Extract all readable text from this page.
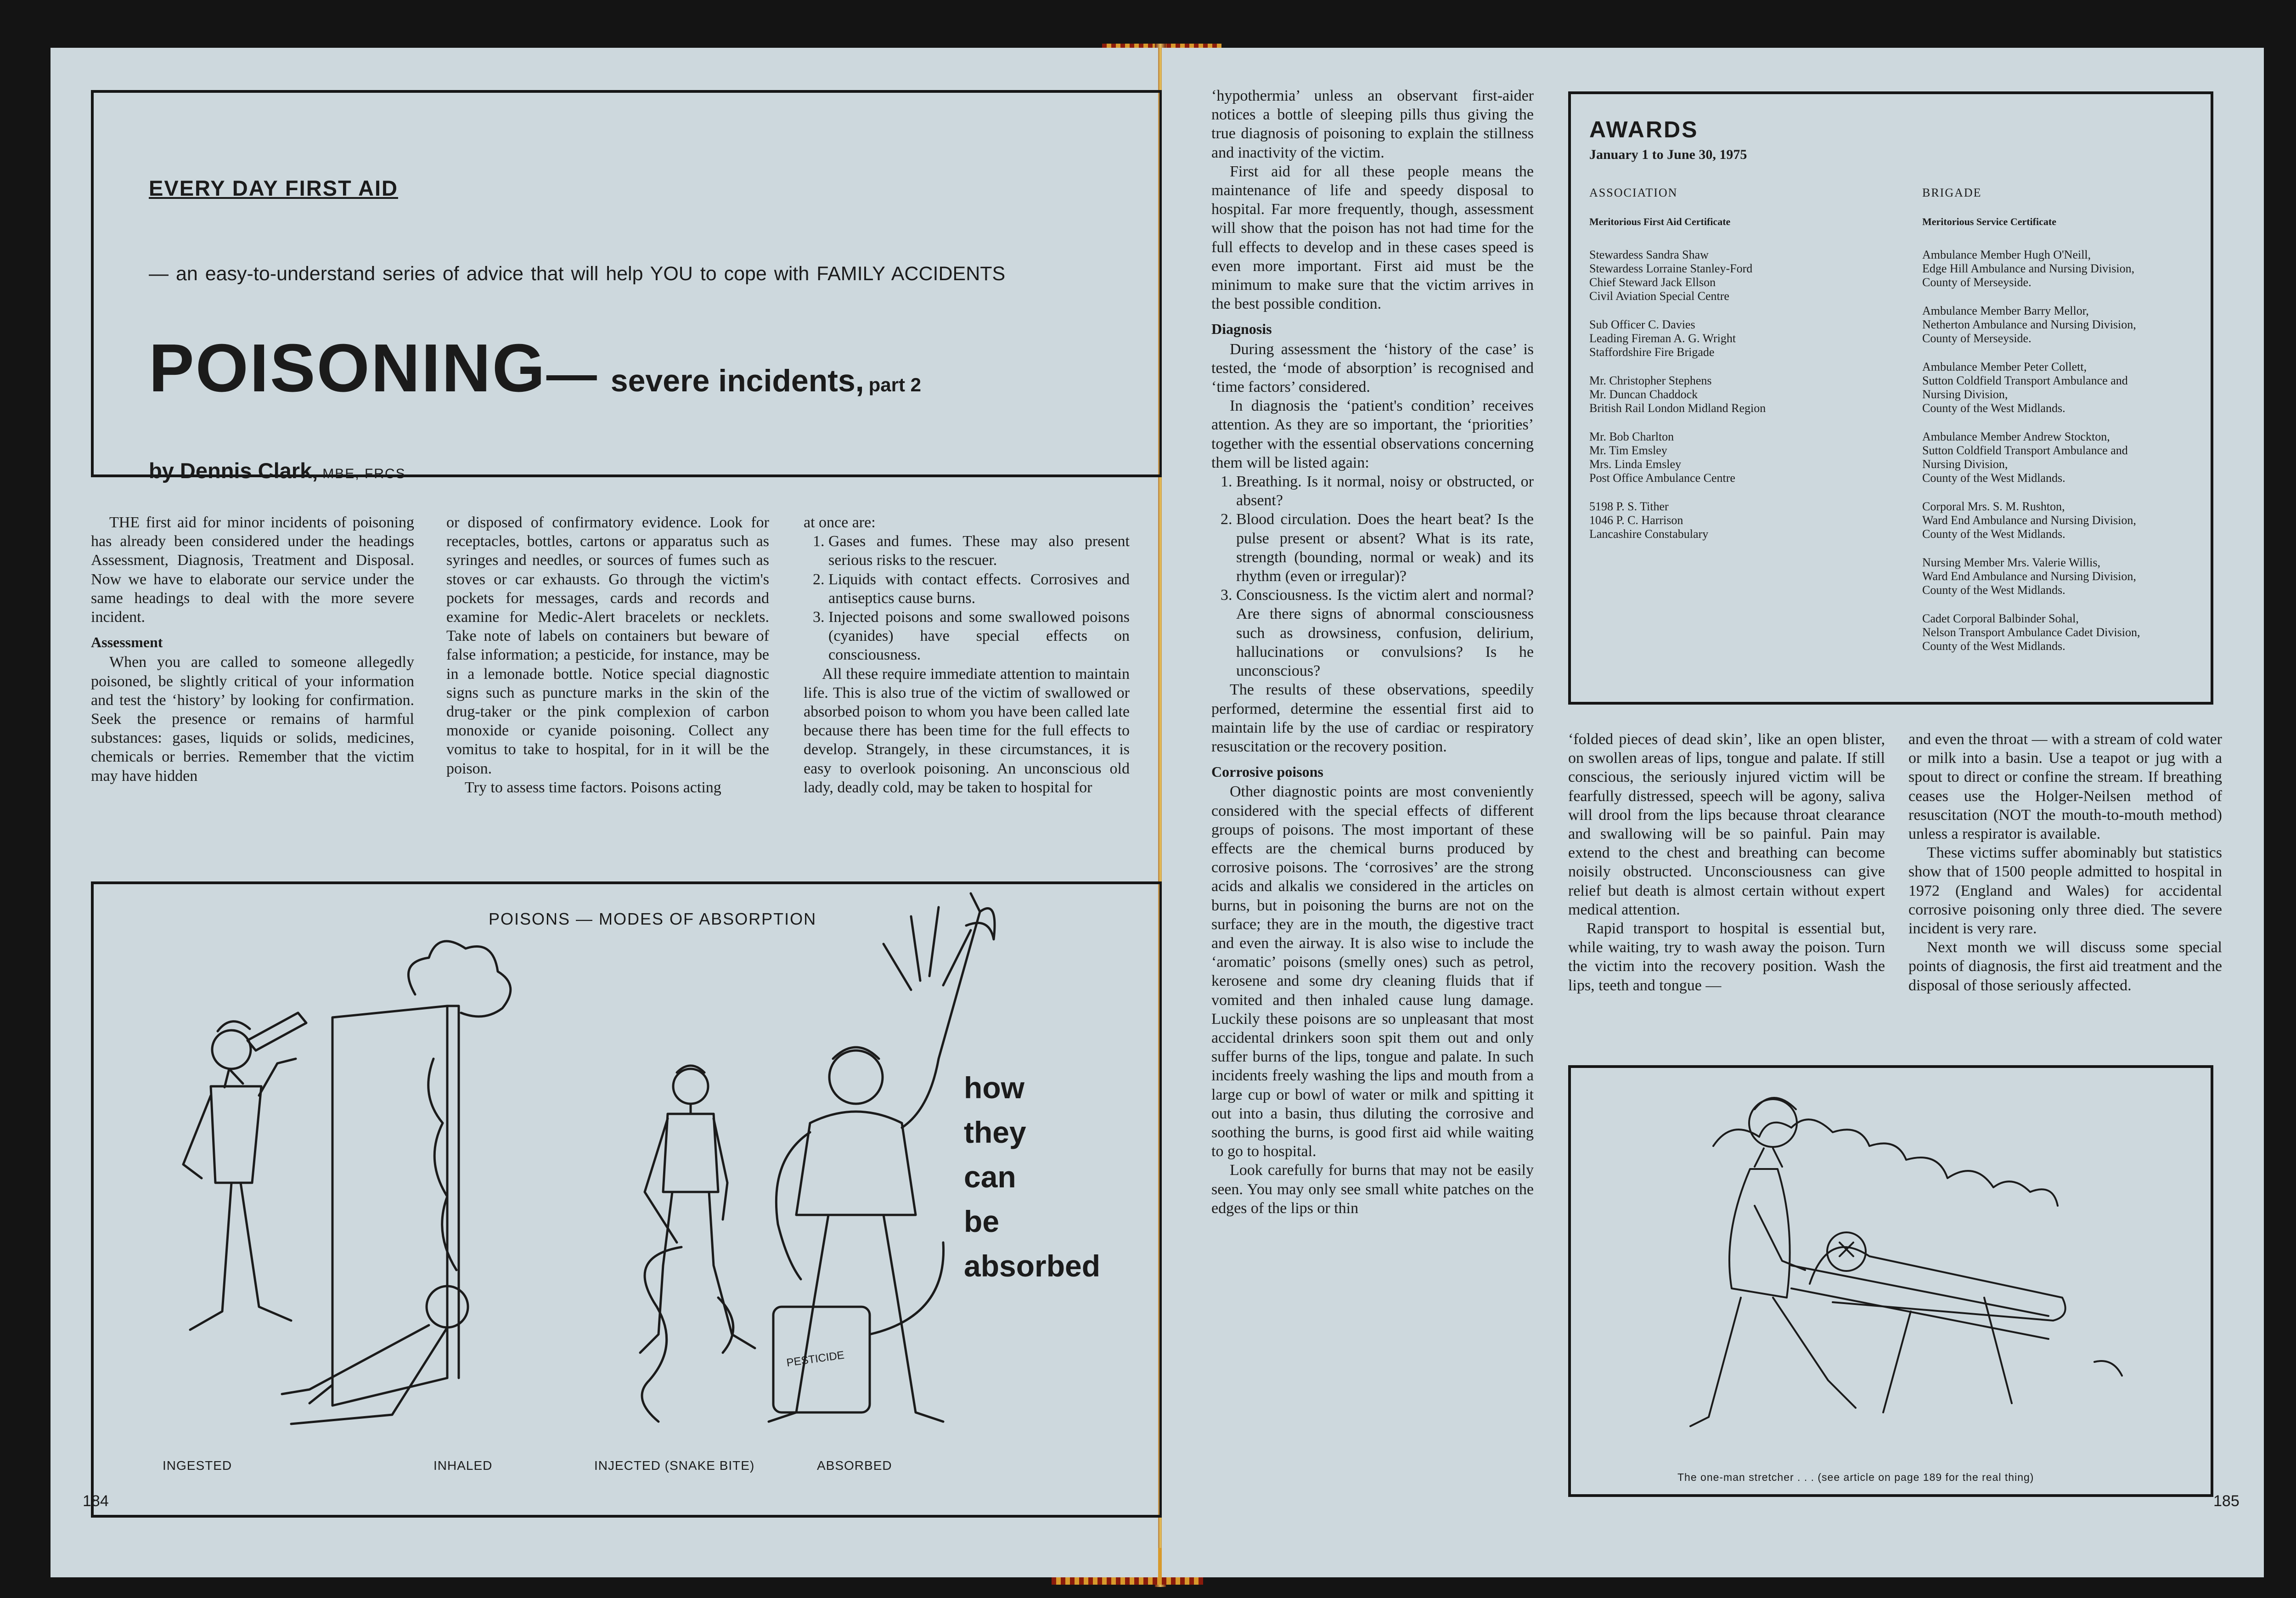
EVERY DAY FIRST AID
— an easy-to-understand series of advice that will help YOU to cope with FAMILY ACCIDENTS
POISONING— severe incidents, part 2
by Dennis Clark, MBE, FRCS

THE first aid for minor incidents of poisoning has already been considered under the headings Assessment, Diagnosis, Treatment and Disposal. Now we have to elaborate our service under the same headings to deal with the more severe incident.

Assessment

When you are called to someone allegedly poisoned, be slightly critical of your information and test the ‘history’ by looking for confirmation. Seek the presence or remains of harmful substances: gases, liquids or solids, medicines, chemicals or berries. Remember that the victim may have hidden

or disposed of confirmatory evidence. Look for receptacles, bottles, cartons or apparatus such as syringes and needles, or sources of fumes such as stoves or car exhausts. Go through the victim's pockets for messages, cards and records and examine for Medic-Alert bracelets or necklets. Take note of labels on containers but beware of false information; a pesticide, for instance, may be in a lemonade bottle. Notice special diagnostic signs such as puncture marks in the skin of the drug-taker or the pink complexion of carbon monoxide or cyanide poisoning. Collect any vomitus to take to hospital, for in it will be the poison.

Try to assess time factors. Poisons acting

at once are:

1. Gases and fumes. These may also present serious risks to the rescuer.
2. Liquids with contact effects. Corrosives and antiseptics cause burns.
3. Injected poisons and some swallowed poisons (cyanides) have special effects on consciousness.

All these require immediate attention to maintain life. This is also true of the victim of swallowed or absorbed poison to whom you have been called late because there has been time for the full effects to develop. Strangely, in these circumstances, it is easy to overlook poisoning. An unconscious old lady, deadly cold, may be taken to hospital for

POISONS — MODES OF ABSORPTION
PESTICIDE
how
they
can
be
absorbed
INGESTED	INHALED	INJECTED (SNAKE BITE)	ABSORBED
184

‘hypothermia’ unless an observant first-aider notices a bottle of sleeping pills thus giving the true diagnosis of poisoning to explain the stillness and inactivity of the victim.

First aid for all these people means the maintenance of life and speedy disposal to hospital. Far more frequently, though, assessment will show that the poison has not had time for the full effects to develop and in these cases speed is even more important. First aid must be the minimum to make sure that the victim arrives in the best possible condition.

Diagnosis

During assessment the ‘history of the case’ is tested, the ‘mode of absorption’ is recognised and ‘time factors’ considered.

In diagnosis the ‘patient's condition’ receives attention. As they are so important, the ‘priorities’ together with the essential observations concerning them will be listed again:

1. Breathing. Is it normal, noisy or obstructed, or absent?
2. Blood circulation. Does the heart beat? Is the pulse present or absent? What is its rate, strength (bounding, normal or weak) and its rhythm (even or irregular)?
3. Consciousness. Is the victim alert and normal? Are there signs of abnormal consciousness such as drowsiness, confusion, delirium, hallucinations or convulsions? Is he unconscious?

The results of these observations, speedily performed, determine the essential first aid to maintain life by the use of cardiac or respiratory resuscitation or the recovery position.

Corrosive poisons

Other diagnostic points are most conveniently considered with the special effects of different groups of poisons. The most important of these effects are the chemical burns produced by corrosive poisons. The ‘corrosives’ are the strong acids and alkalis we considered in the articles on burns, but in poisoning the burns are not on the surface; they are in the mouth, the digestive tract and even the airway. It is also wise to include the ‘aromatic’ poisons (smelly ones) such as petrol, kerosene and some dry cleaning fluids that if vomited and then inhaled cause lung damage. Luckily these poisons are so unpleasant that most accidental drinkers soon spit them out and only suffer burns of the lips, tongue and palate. In such incidents freely washing the lips and mouth from a large cup or bowl of water or milk and spitting it out into a basin, thus diluting the corrosive and soothing the burns, is good first aid while waiting to go to hospital.

Look carefully for burns that may not be easily seen. You may only see small white patches on the edges of the lips or thin

AWARDS
January 1 to June 30, 1975
ASSOCIATION
Meritorious First Aid Certificate
Stewardess Sandra Shaw
Stewardess Lorraine Stanley-Ford
Chief Steward Jack Ellson
Civil Aviation Special Centre
Sub Officer C. Davies
Leading Fireman A. G. Wright
Staffordshire Fire Brigade
Mr. Christopher Stephens
Mr. Duncan Chaddock
British Rail London Midland Region
Mr. Bob Charlton
Mr. Tim Emsley
Mrs. Linda Emsley
Post Office Ambulance Centre
5198 P. S. Tither
1046 P. C. Harrison
Lancashire Constabulary
BRIGADE
Meritorious Service Certificate
Ambulance Member Hugh O'Neill,
Edge Hill Ambulance and Nursing Division,
County of Merseyside.
Ambulance Member Barry Mellor,
Netherton Ambulance and Nursing Division,
County of Merseyside.
Ambulance Member Peter Collett,
Sutton Coldfield Transport Ambulance and
Nursing Division,
County of the West Midlands.
Ambulance Member Andrew Stockton,
Sutton Coldfield Transport Ambulance and
Nursing Division,
County of the West Midlands.
Corporal Mrs. S. M. Rushton,
Ward End Ambulance and Nursing Division,
County of the West Midlands.
Nursing Member Mrs. Valerie Willis,
Ward End Ambulance and Nursing Division,
County of the West Midlands.
Cadet Corporal Balbinder Sohal,
Nelson Transport Ambulance Cadet Division,
County of the West Midlands.

‘folded pieces of dead skin’, like an open blister, on swollen areas of lips, tongue and palate. If still conscious, the seriously injured victim will be fearfully distressed, speech will be agony, saliva will drool from the lips because throat clearance and swallowing will be so painful. Pain may extend to the chest and breathing can become noisily obstructed. Unconsciousness can give relief but death is almost certain without expert medical attention.

Rapid transport to hospital is essential but, while waiting, try to wash away the poison. Turn the victim into the recovery position. Wash the lips, teeth and tongue —

and even the throat — with a stream of cold water or milk into a basin. Use a teapot or jug with a spout to direct or confine the stream. If breathing ceases use the Holger-Neilsen method of resuscitation (NOT the mouth-to-mouth method) unless a respirator is available.

These victims suffer abominably but statistics show that of 1500 people admitted to hospital in 1972 (England and Wales) for accidental corrosive poisoning only three died. The severe incident is very rare.

Next month we will discuss some special points of diagnosis, the first aid treatment and the disposal of those seriously affected.

The one-man stretcher . . . (see article on page 189 for the real thing)
185
